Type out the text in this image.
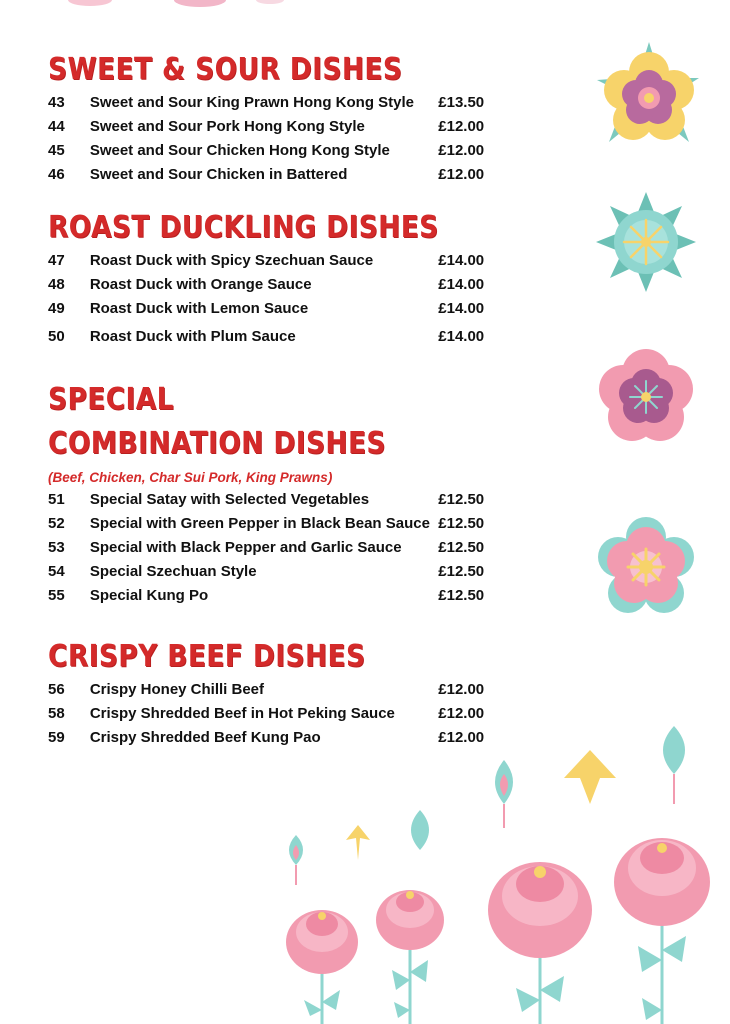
SWEET & SOUR DISHES
43	Sweet and Sour King Prawn Hong Kong Style	£13.50
44	Sweet and Sour Pork Hong Kong Style	£12.00
45	Sweet and Sour Chicken Hong Kong Style	£12.00
46	Sweet and Sour Chicken in Battered	£12.00
ROAST DUCKLING DISHES
47	Roast Duck with Spicy Szechuan Sauce	£14.00
48	Roast Duck with Orange Sauce	£14.00
49	Roast Duck with Lemon Sauce	£14.00
50	Roast Duck with Plum Sauce	£14.00
SPECIAL
COMBINATION DISHES
(Beef, Chicken, Char Sui Pork, King Prawns)
51	Special Satay with Selected Vegetables	£12.50
52	Special with Green Pepper in Black Bean Sauce £12.50
53	Special with Black Pepper and Garlic Sauce	£12.50
54	Special Szechuan Style	£12.50
55	Special Kung Po	£12.50
CRISPY BEEF DISHES
56	Crispy Honey Chilli Beef	£12.00
58	Crispy Shredded Beef in Hot Peking Sauce	£12.00
59	Crispy Shredded Beef Kung Pao	£12.00
